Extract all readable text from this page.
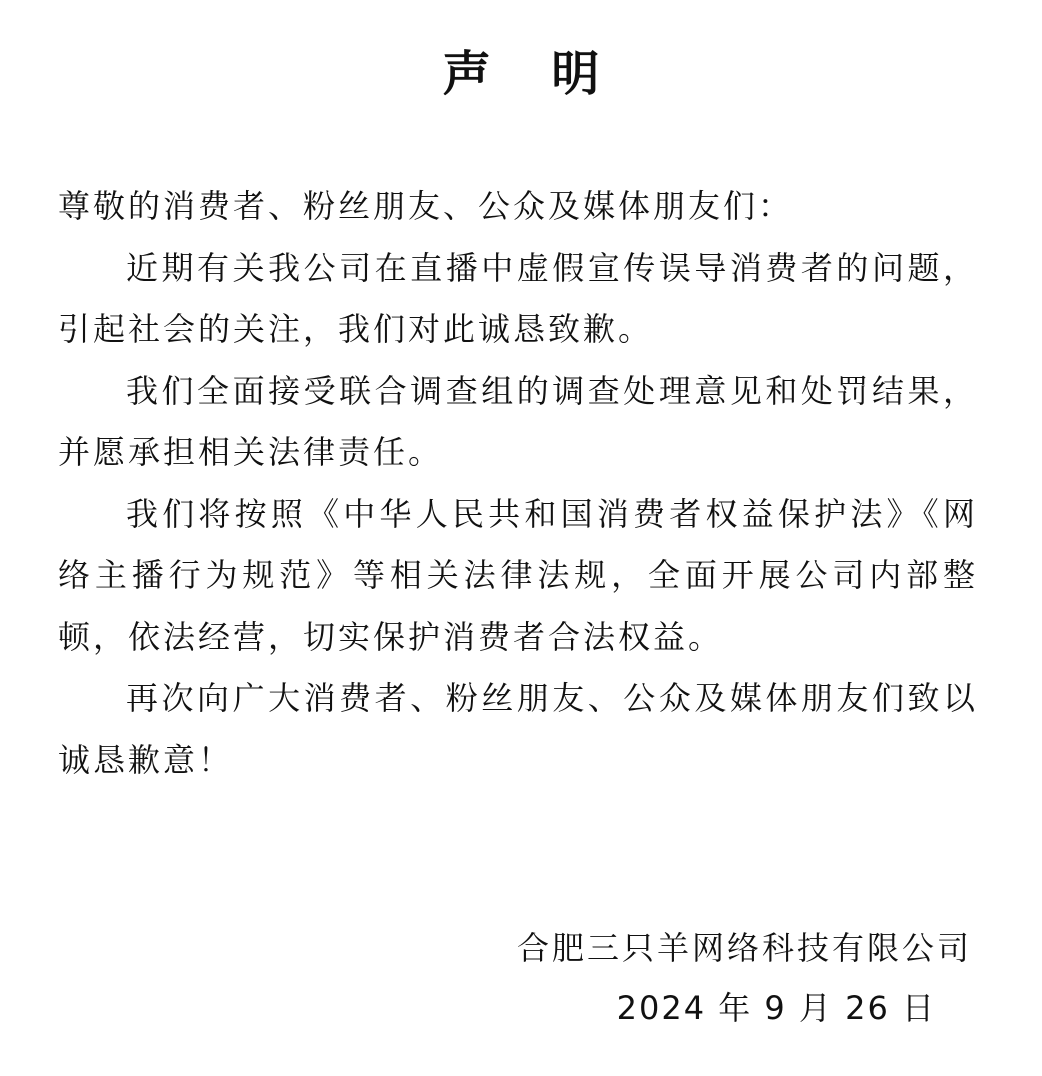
声 明

尊敬的消费者、粉丝朋友、公众及媒体朋友们：

近期有关我公司在直播中虚假宣传误导消费者的问题，引起社会的关注，我们对此诚恳致歉。

我们全面接受联合调查组的调查处理意见和处罚结果，并愿承担相关法律责任。

我们将按照《中华人民共和国消费者权益保护法》《网络主播行为规范》等相关法律法规，全面开展公司内部整顿，依法经营，切实保护消费者合法权益。

再次向广大消费者、粉丝朋友、公众及媒体朋友们致以诚恳歉意！

合肥三只羊网络科技有限公司
2024 年 9 月 26 日
